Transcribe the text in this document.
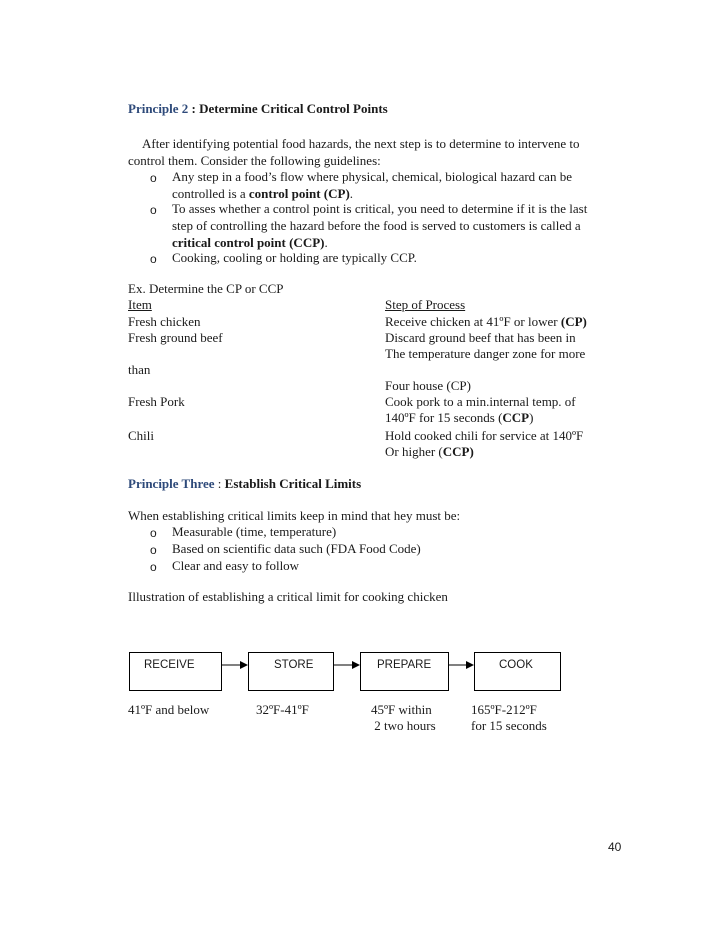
Principle 2 : Determine Critical Control Points
After identifying potential food hazards, the next step is to determine to intervene to
control them. Consider the following guidelines:
o Any step in a food’s flow where physical, chemical, biological hazard can be
controlled is a control point (CP).
o To asses whether a control point is critical, you need to determine if it is the last
step of controlling the hazard before the food is served to customers is called a
critical control point (CCP).
o Cooking, cooling or holding are typically CCP.
Ex. Determine the CP or CCP
Item	Step of Process
Fresh chicken	Receive chicken at 41ºF or lower (CP)
Fresh ground beef	Discard ground beef that has been in
The temperature danger zone for more
than
Four house (CP)
Fresh Pork	Cook pork to a min.internal temp. of
140ºF for 15 seconds (CCP)
Chili	Hold cooked chili for service at 140ºF
Or higher (CCP)
Principle Three : Establish Critical Limits
When establishing critical limits keep in mind that hey must be:
o Measurable (time, temperature)
o Based on scientific data such (FDA Food Code)
o Clear and easy to follow
Illustration of establishing a critical limit for cooking chicken
RECEIVE	STORE	PREPARE	COOK
41ºF and below	32ºF-41ºF	45ºF within
2 two hours
165ºF-212ºF
for 15 seconds
40
